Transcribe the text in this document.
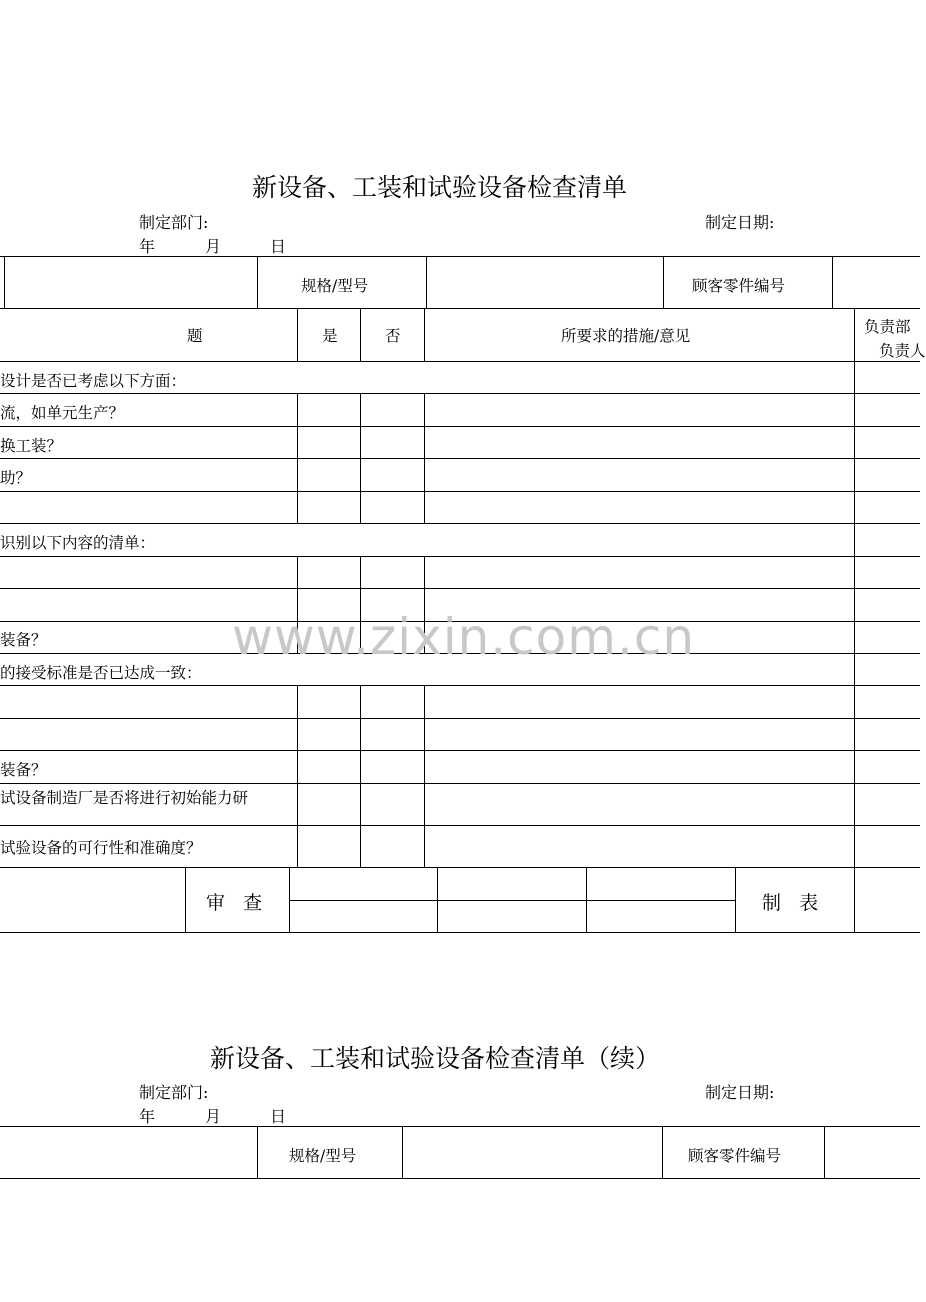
新设备、工装和试验设备检查清单
制定部门:	制定日期:
年	月	日
规格/型号	顾客零件编号
题	是	否	所要求的措施/意见	负责部
负责人
设计是否已考虑以下方面：
流，如单元生产？
换工装？
助？
识别以下内容的清单：
装备？
的接受标准是否已达成一致：
装备？
试设备制造厂是否将进行初始能力研
试验设备的可行性和准确度？
审   查	制   表
www.zixin.com.cn
新设备、工装和试验设备检查清单（续）
制定部门:	制定日期:
年	月	日
规格/型号	顾客零件编号
